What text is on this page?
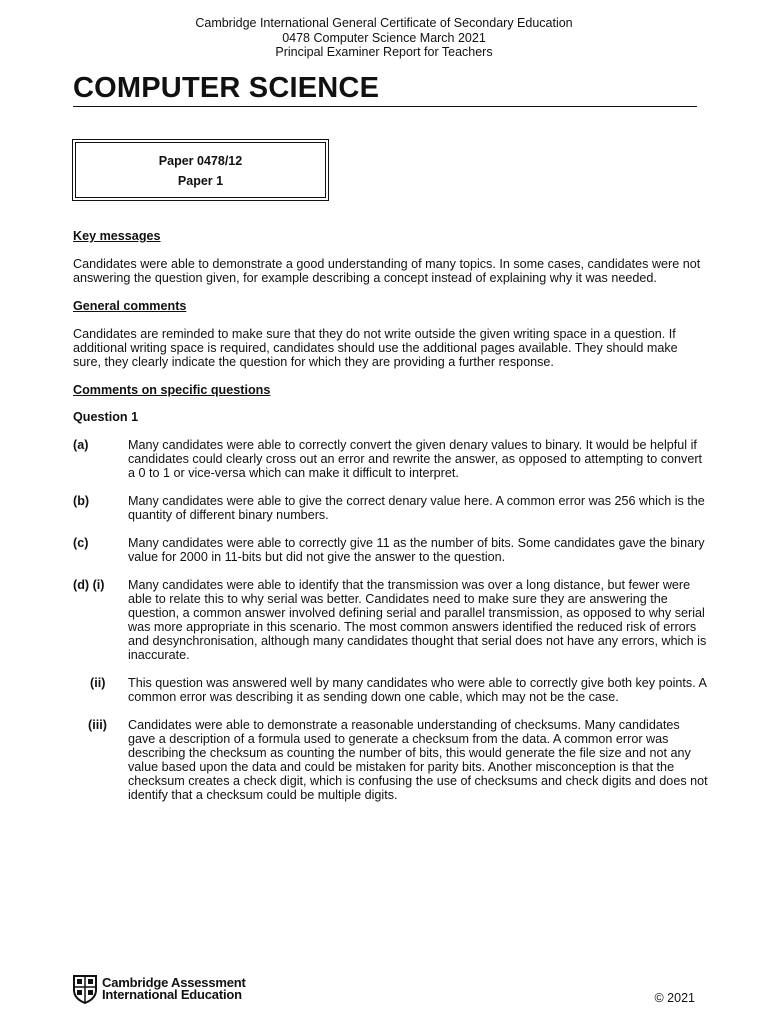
Cambridge International General Certificate of Secondary Education
0478 Computer Science March 2021
Principal Examiner Report for Teachers
COMPUTER SCIENCE
Paper 0478/12
Paper 1
Key messages
Candidates were able to demonstrate a good understanding of many topics. In some cases, candidates were not answering the question given, for example describing a concept instead of explaining why it was needed.
General comments
Candidates are reminded to make sure that they do not write outside the given writing space in a question. If additional writing space is required, candidates should use the additional pages available. They should make sure, they clearly indicate the question for which they are providing a further response.
Comments on specific questions
Question 1
(a)	Many candidates were able to correctly convert the given denary values to binary. It would be helpful if candidates could clearly cross out an error and rewrite the answer, as opposed to attempting to convert a 0 to 1 or vice-versa which can make it difficult to interpret.
(b)	Many candidates were able to give the correct denary value here. A common error was 256 which is the quantity of different binary numbers.
(c)	Many candidates were able to correctly give 11 as the number of bits. Some candidates gave the binary value for 2000 in 11-bits but did not give the answer to the question.
(d) (i) Many candidates were able to identify that the transmission was over a long distance, but fewer were able to relate this to why serial was better. Candidates need to make sure they are answering the question, a common answer involved defining serial and parallel transmission, as opposed to why serial was more appropriate in this scenario. The most common answers identified the reduced risk of errors and desynchronisation, although many candidates thought that serial does not have any errors, which is inaccurate.
(ii) This question was answered well by many candidates who were able to correctly give both key points. A common error was describing it as sending down one cable, which may not be the case.
(iii) Candidates were able to demonstrate a reasonable understanding of checksums. Many candidates gave a description of a formula used to generate a checksum from the data. A common error was describing the checksum as counting the number of bits, this would generate the file size and not any value based upon the data and could be mistaken for parity bits. Another misconception is that the checksum creates a check digit, which is confusing the use of checksums and check digits and does not identify that a checksum could be multiple digits.
Cambridge Assessment
International Education	© 2021
